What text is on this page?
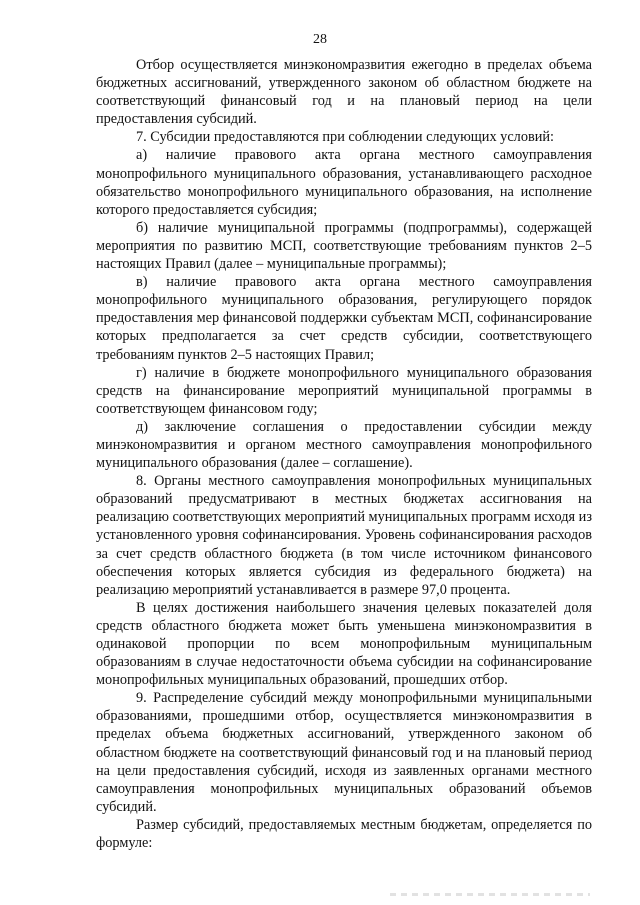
28

Отбор осуществляется минэкономразвития ежегодно в пределах объема бюджетных ассигнований, утвержденного законом об областном бюджете на соответствующий финансовый год и на плановый период на цели предоставления субсидий.

7. Субсидии предоставляются при соблюдении следующих условий:

а) наличие правового акта органа местного самоуправления монопрофильного муниципального образования, устанавливающего расходное обязательство монопрофильного муниципального образования, на исполнение которого предоставляется субсидия;

б) наличие муниципальной программы (подпрограммы), содержащей мероприятия по развитию МСП, соответствующие требованиям пунктов 2–5 настоящих Правил (далее – муниципальные программы);

в) наличие правового акта органа местного самоуправления монопрофильного муниципального образования, регулирующего порядок предоставления мер финансовой поддержки субъектам МСП, софинансирование которых предполагается за счет средств субсидии, соответствующего требованиям пунктов 2–5 настоящих Правил;

г) наличие в бюджете монопрофильного муниципального образования средств на финансирование мероприятий муниципальной программы в соответствующем финансовом году;

д) заключение соглашения о предоставлении субсидии между минэкономразвития и органом местного самоуправления монопрофильного муниципального образования (далее – соглашение).

8. Органы местного самоуправления монопрофильных муниципальных образований предусматривают в местных бюджетах ассигнования на реализацию соответствующих мероприятий муниципальных программ исходя из установленного уровня софинансирования. Уровень софинансирования расходов за счет средств областного бюджета (в том числе источником финансового обеспечения которых является субсидия из федерального бюджета) на реализацию мероприятий устанавливается в размере 97,0 процента.

В целях достижения наибольшего значения целевых показателей доля средств областного бюджета может быть уменьшена минэкономразвития в одинаковой пропорции по всем монопрофильным муниципальным образованиям в случае недостаточности объема субсидии на софинансирование монопрофильных муниципальных образований, прошедших отбор.

9. Распределение субсидий между монопрофильными муниципальными образованиями, прошедшими отбор, осуществляется минэкономразвития в пределах объема бюджетных ассигнований, утвержденного законом об областном бюджете на соответствующий финансовый год и на плановый период на цели предоставления субсидий, исходя из заявленных органами местного самоуправления монопрофильных муниципальных образований объемов субсидий.

Размер субсидий, предоставляемых местным бюджетам, определяется по формуле:
